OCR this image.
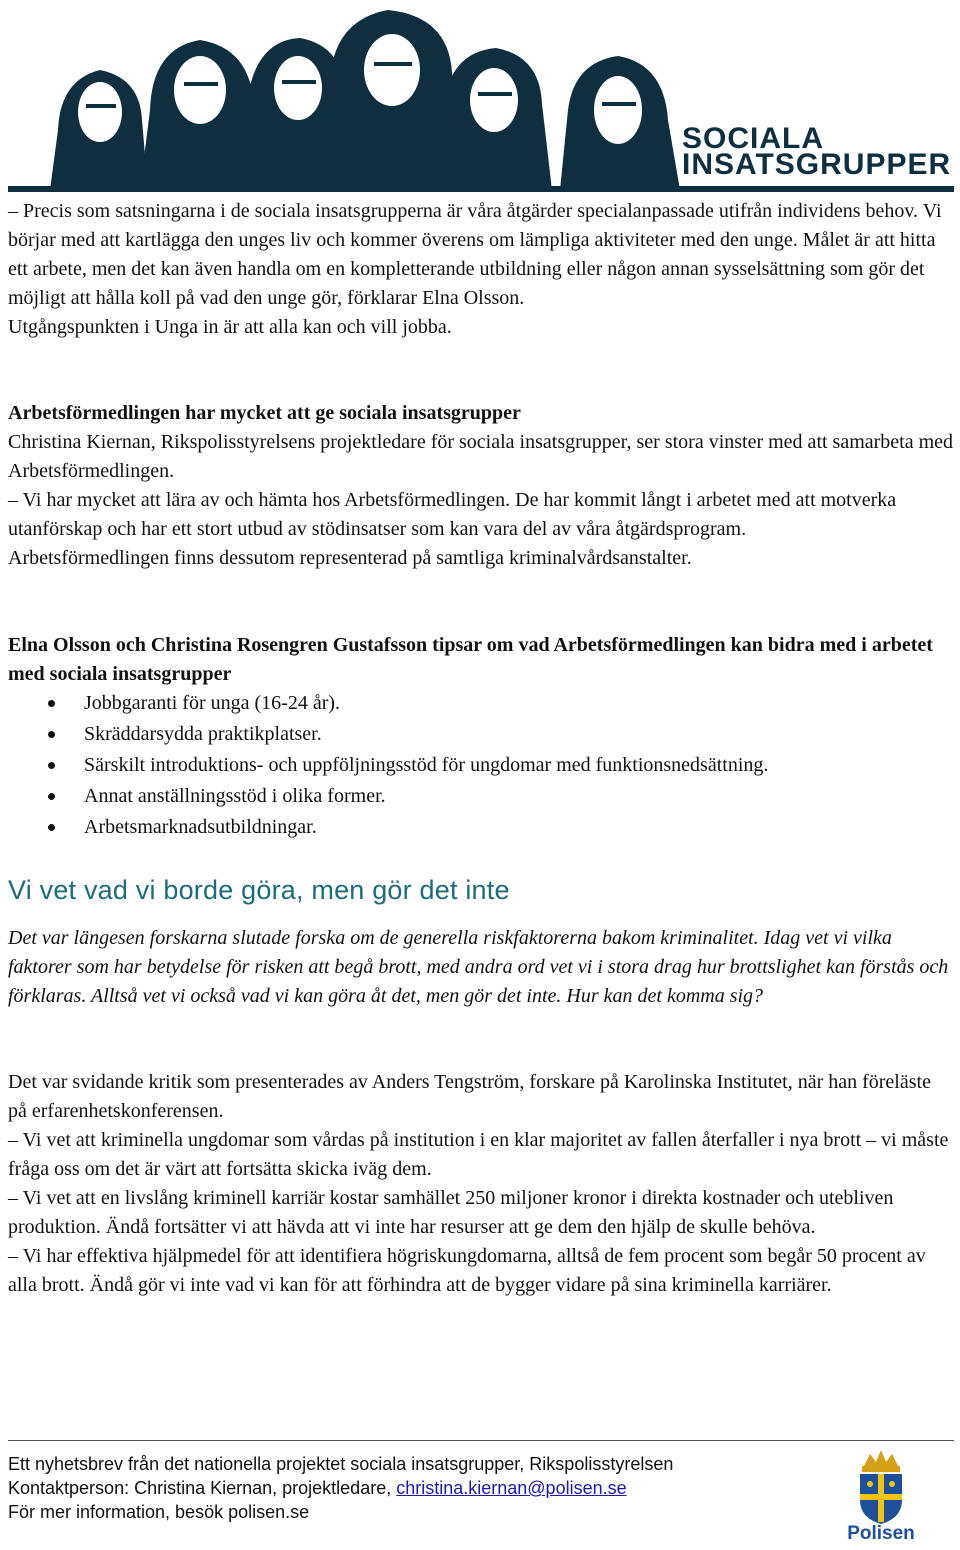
SOCIALA
INSATSGRUPPER
– Precis som satsningarna i de sociala insatsgrupperna är våra åtgärder specialanpassade utifrån individens behov. Vi börjar med att kartlägga den unges liv och kommer överens om lämpliga aktiviteter med den unge. Målet är att hitta ett arbete, men det kan även handla om en kompletterande utbildning eller någon annan sysselsättning som gör det möjligt att hålla koll på vad den unge gör, förklarar Elna Olsson.
Utgångspunkten i Unga in är att alla kan och vill jobba.
Arbetsförmedlingen har mycket att ge sociala insatsgrupper
Christina Kiernan, Rikspolisstyrelsens projektledare för sociala insatsgrupper, ser stora vinster med att samarbeta med Arbetsförmedlingen.
– Vi har mycket att lära av och hämta hos Arbetsförmedlingen. De har kommit långt i arbetet med att motverka utanförskap och har ett stort utbud av stödinsatser som kan vara del av våra åtgärdsprogram.
Arbetsförmedlingen finns dessutom representerad på samtliga kriminalvårdsanstalter.
Elna Olsson och Christina Rosengren Gustafsson tipsar om vad Arbetsförmedlingen kan bidra med i arbetet med sociala insatsgrupper
Jobbgaranti för unga (16-24 år).
Skräddarsydda praktikplatser.
Särskilt introduktions- och uppföljningsstöd för ungdomar med funktionsnedsättning.
Annat anställningsstöd i olika former.
Arbetsmarknadsutbildningar.
Vi vet vad vi borde göra, men gör det inte
Det var längesen forskarna slutade forska om de generella riskfaktorerna bakom kriminalitet. Idag vet vi vilka faktorer som har betydelse för risken att begå brott, med andra ord vet vi i stora drag hur brottslighet kan förstås och förklaras. Alltså vet vi också vad vi kan göra åt det, men gör det inte. Hur kan det komma sig?
Det var svidande kritik som presenterades av Anders Tengström, forskare på Karolinska Institutet, när han föreläste på erfarenhetskonferensen.
– Vi vet att kriminella ungdomar som vårdas på institution i en klar majoritet av fallen återfaller i nya brott – vi måste fråga oss om det är värt att fortsätta skicka iväg dem.
– Vi vet att en livslång kriminell karriär kostar samhället 250 miljoner kronor i direkta kostnader och utebliven produktion. Ändå fortsätter vi att hävda att vi inte har resurser att ge dem den hjälp de skulle behöva.
– Vi har effektiva hjälpmedel för att identifiera högriskungdomarna, alltså de fem procent som begår 50 procent av alla brott. Ändå gör vi inte vad vi kan för att förhindra att de bygger vidare på sina kriminella karriärer.
Ett nyhetsbrev från det nationella projektet sociala insatsgrupper, Rikspolisstyrelsen
Kontaktperson: Christina Kiernan, projektledare, christina.kiernan@polisen.se
För mer information, besök polisen.se
Polisen
